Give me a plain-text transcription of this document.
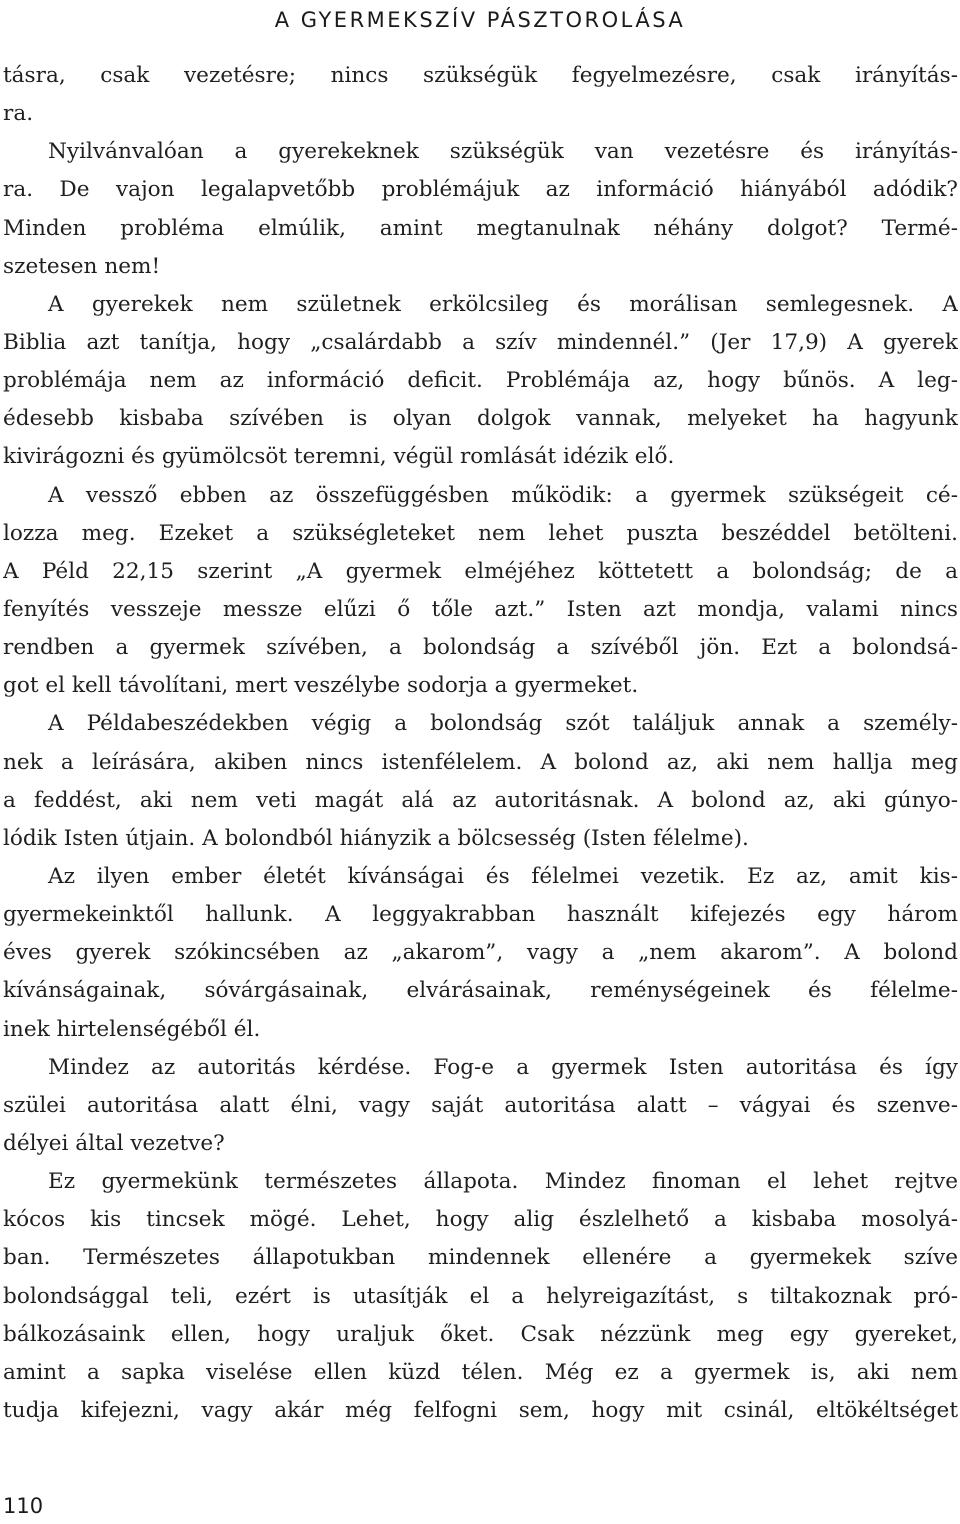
A GYERMEKSZÍV PÁSZTOROLÁSA
tásra, csak vezetésre; nincs szükségük fegyelmezésre, csak irányítás-
ra.
Nyilvánvalóan a gyerekeknek szükségük van vezetésre és irányítás-
ra. De vajon legalapvetőbb problémájuk az információ hiányából adódik?
Minden probléma elmúlik, amint megtanulnak néhány dolgot? Termé-
szetesen nem!
A gyerekek nem születnek erkölcsileg és morálisan semlegesnek. A
Biblia azt tanítja, hogy „csalárdabb a szív mindennél.” (Jer 17,9) A gyerek
problémája nem az információ deficit. Problémája az, hogy bűnös. A leg-
édesebb kisbaba szívében is olyan dolgok vannak, melyeket ha hagyunk
kivirágozni és gyümölcsöt teremni, végül romlását idézik elő.
A vessző ebben az összefüggésben működik: a gyermek szükségeit cé-
lozza meg. Ezeket a szükségleteket nem lehet puszta beszéddel betölteni.
A Péld 22,15 szerint „A gyermek elméjéhez köttetett a bolondság; de a
fenyítés vesszeje messze elűzi ő tőle azt.” Isten azt mondja, valami nincs
rendben a gyermek szívében, a bolondság a szívéből jön. Ezt a bolondsá-
got el kell távolítani, mert veszélybe sodorja a gyermeket.
A Példabeszédekben végig a bolondság szót találjuk annak a személy-
nek a leírására, akiben nincs istenfélelem. A bolond az, aki nem hallja meg
a feddést, aki nem veti magát alá az autoritásnak. A bolond az, aki gúnyo-
lódik Isten útjain. A bolondból hiányzik a bölcsesség (Isten félelme).
Az ilyen ember életét kívánságai és félelmei vezetik. Ez az, amit kis-
gyermekeinktől hallunk. A leggyakrabban használt kifejezés egy három
éves gyerek szókincsében az „akarom”, vagy a „nem akarom”. A bolond
kívánságainak, sóvárgásainak, elvárásainak, reménységeinek és félelme-
inek hirtelenségéből él.
Mindez az autoritás kérdése. Fog-e a gyermek Isten autoritása és így
szülei autoritása alatt élni, vagy saját autoritása alatt – vágyai és szenve-
délyei által vezetve?
Ez gyermekünk természetes állapota. Mindez finoman el lehet rejtve
kócos kis tincsek mögé. Lehet, hogy alig észlelhető a kisbaba mosolyá-
ban. Természetes állapotukban mindennek ellenére a gyermekek szíve
bolondsággal teli, ezért is utasítják el a helyreigazítást, s tiltakoznak pró-
bálkozásaink ellen, hogy uraljuk őket. Csak nézzünk meg egy gyereket,
amint a sapka viselése ellen küzd télen. Még ez a gyermek is, aki nem
tudja kifejezni, vagy akár még felfogni sem, hogy mit csinál, eltökéltséget
110
